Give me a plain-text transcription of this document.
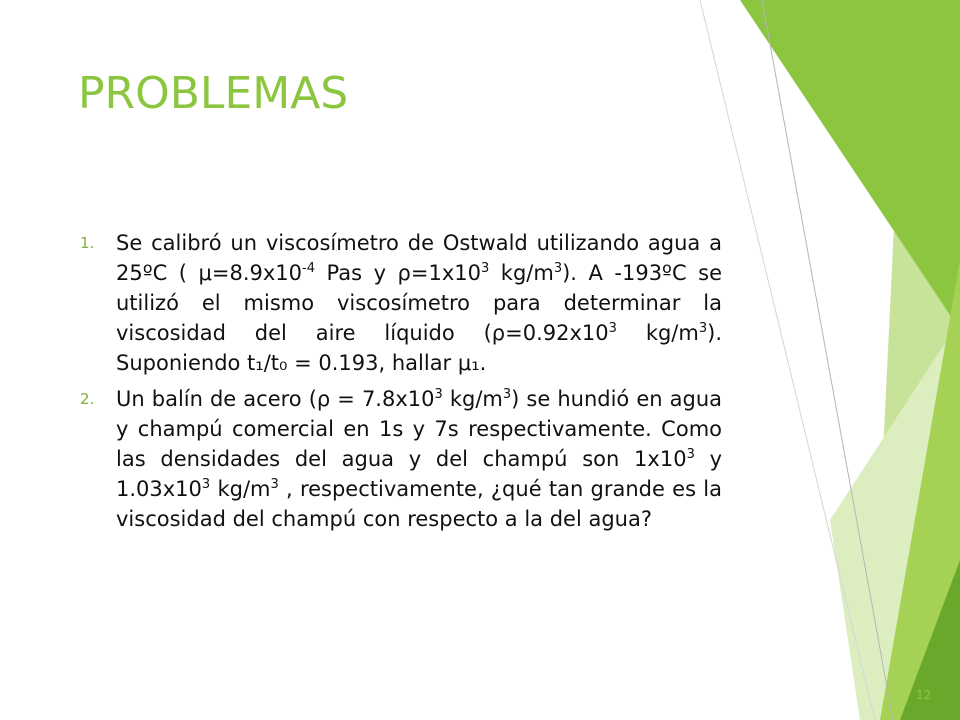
PROBLEMAS
1. Se calibró un viscosímetro de Ostwald utilizando agua a 25ºC ( $\mu=8.9x10^{-4}$ Pas y $\rho=1x10^3$ $kg/m^3$). A -193ºC se utilizó el mismo viscosímetro para determinar la viscosidad del aire líquido ($\rho=0.92x10^3$ $kg/m^3$). Suponiendo t₁/t₀ = 0.193, hallar μ₁.
2. Un balín de acero ($\rho = 7.8x10^3$ $kg/m^3$) se hundió en agua y champú comercial en 1s y 7s respectivamente. Como las densidades del agua y del champú son $1x10^3$ y $1.03x10^3$ $kg/m^3$ , respectivamente, ¿qué tan grande es la viscosidad del champú con respecto a la del agua?
12
